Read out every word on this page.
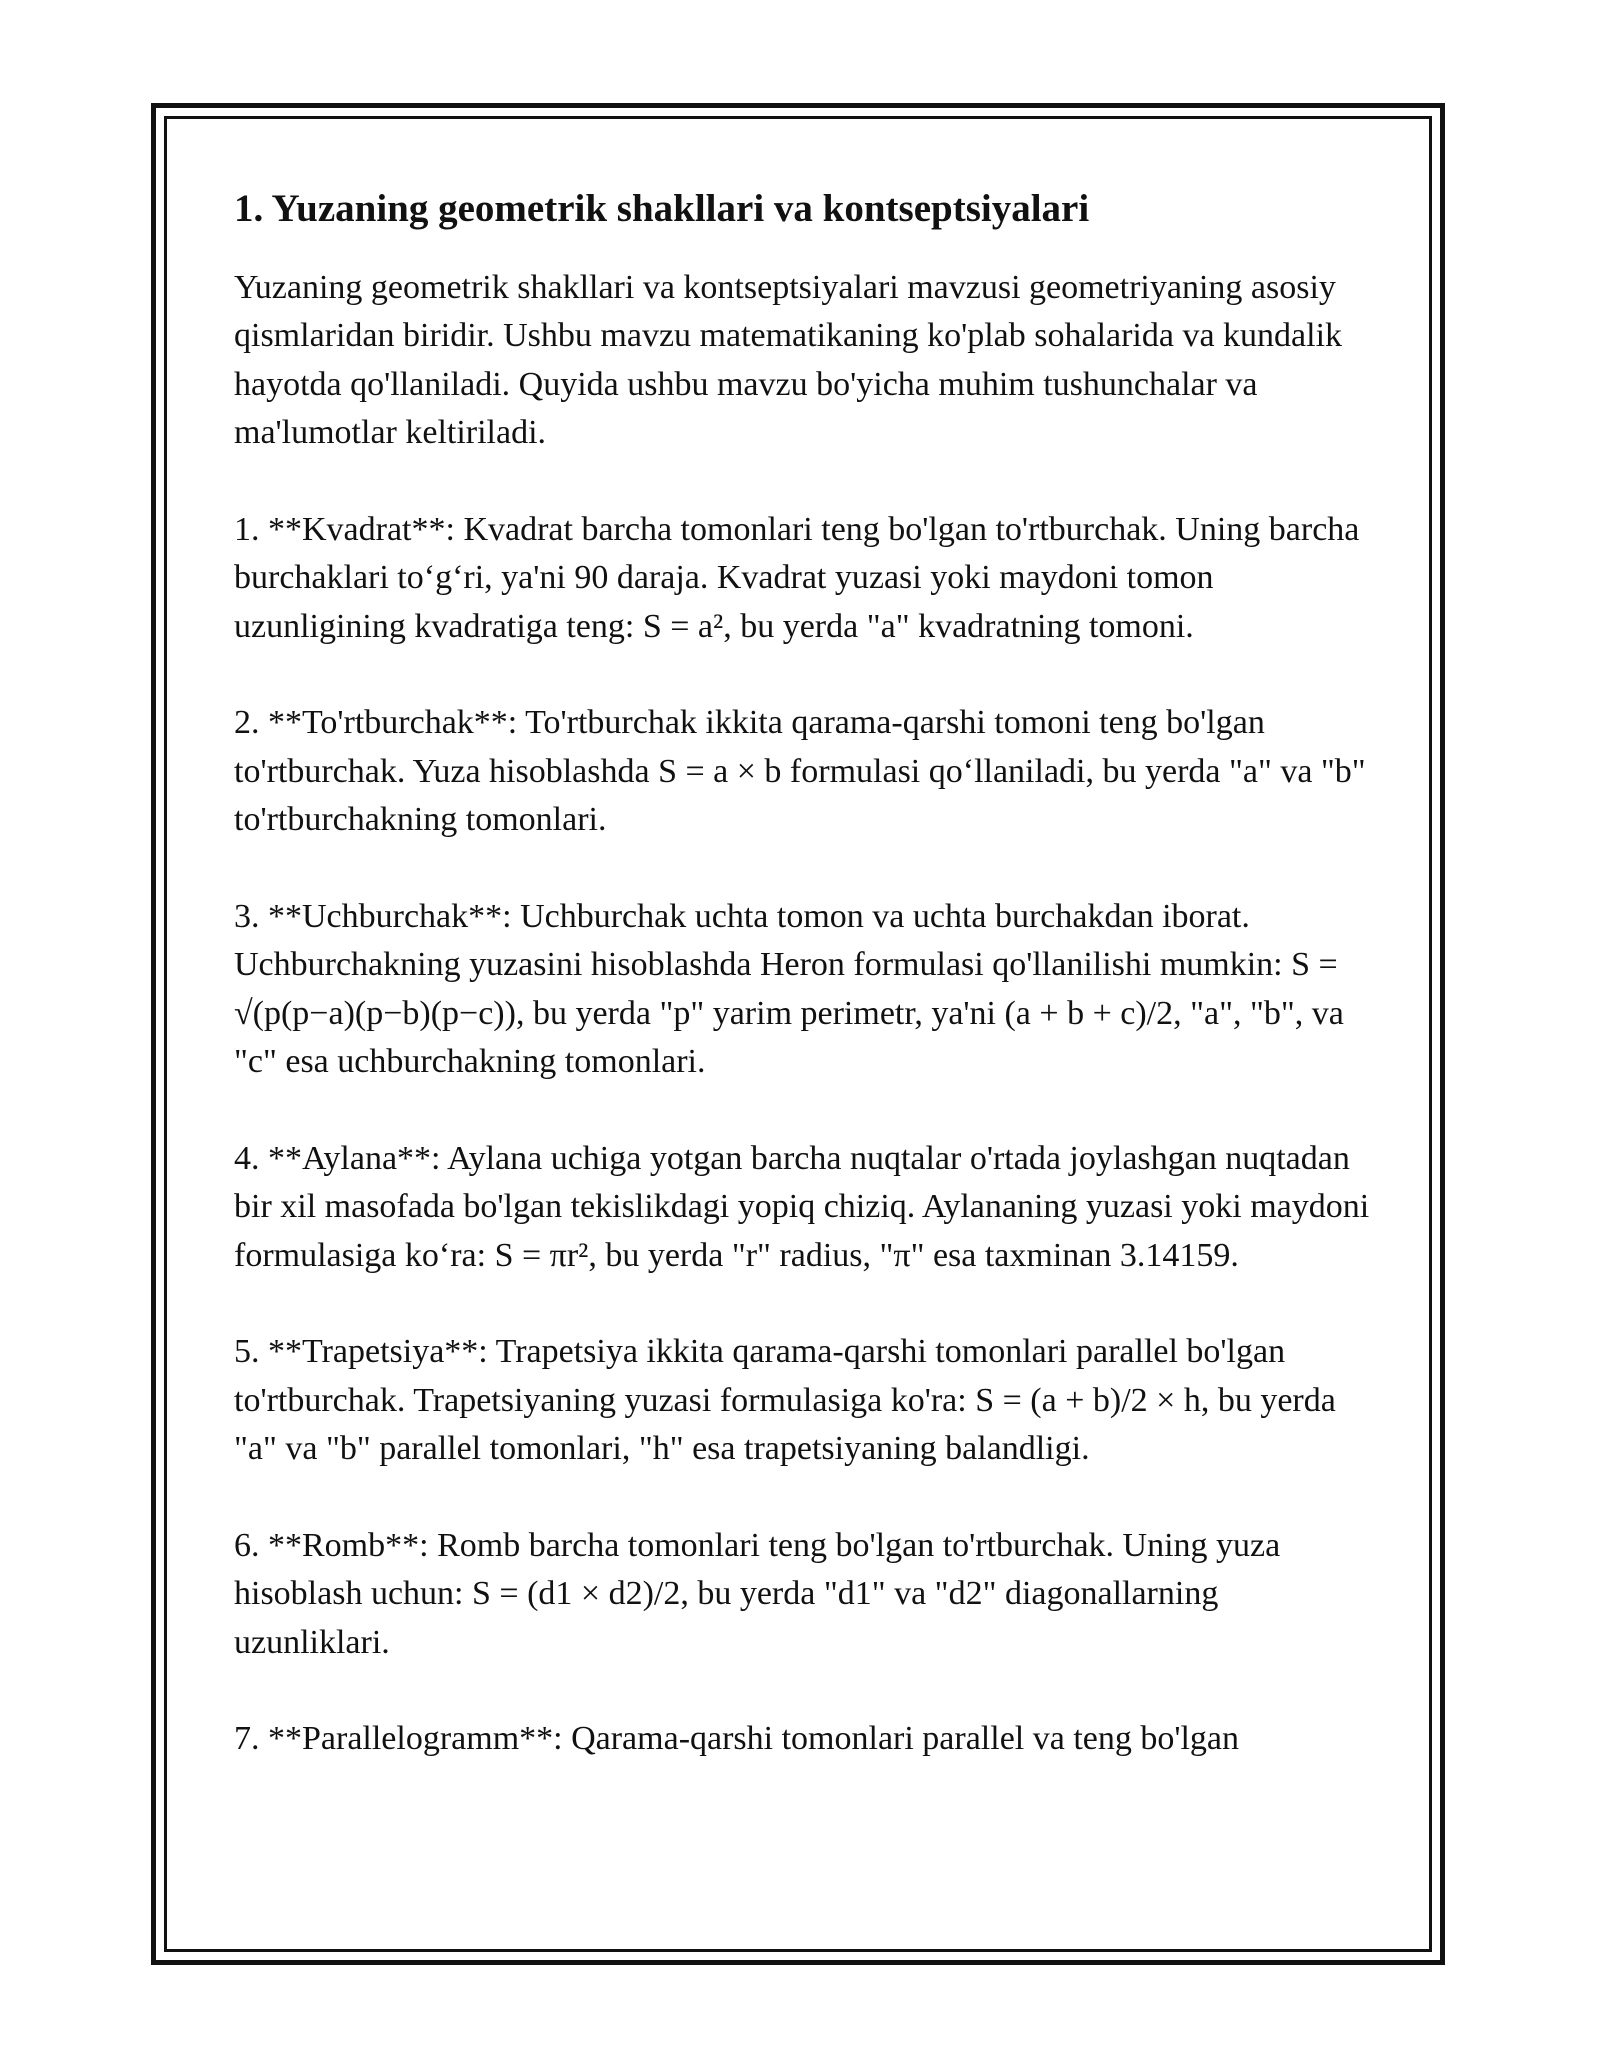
1. Yuzaning geometrik shakllari va kontseptsiyalari

Yuzaning geometrik shakllari va kontseptsiyalari mavzusi geometriyaning asosiy qismlaridan biridir. Ushbu mavzu matematikaning ko'plab sohalarida va kundalik hayotda qo'llaniladi. Quyida ushbu mavzu bo'yicha muhim tushunchalar va ma'lumotlar keltiriladi.

1. **Kvadrat**: Kvadrat barcha tomonlari teng bo'lgan to'rtburchak. Uning barcha burchaklari to‘g‘ri, ya'ni 90 daraja. Kvadrat yuzasi yoki maydoni tomon uzunligining kvadratiga teng: S = a², bu yerda "a" kvadratning tomoni.

2. **To'rtburchak**: To'rtburchak ikkita qarama-qarshi tomoni teng bo'lgan to'rtburchak. Yuza hisoblashda S = a × b formulasi qo‘llaniladi, bu yerda "a" va "b" to'rtburchakning tomonlari.

3. **Uchburchak**: Uchburchak uchta tomon va uchta burchakdan iborat. Uchburchakning yuzasini hisoblashda Heron formulasi qo'llanilishi mumkin: S = √(p(p−a)(p−b)(p−c)), bu yerda "p" yarim perimetr, ya'ni (a + b + c)/2, "a", "b", va "c" esa uchburchakning tomonlari.

4. **Aylana**: Aylana uchiga yotgan barcha nuqtalar o'rtada joylashgan nuqtadan bir xil masofada bo'lgan tekislikdagi yopiq chiziq. Aylananing yuzasi yoki maydoni formulasiga ko‘ra: S = πr², bu yerda "r" radius, "π" esa taxminan 3.14159.

5. **Trapetsiya**: Trapetsiya ikkita qarama-qarshi tomonlari parallel bo'lgan to'rtburchak. Trapetsiyaning yuzasi formulasiga ko'ra: S = (a + b)/2 × h, bu yerda "a" va "b" parallel tomonlari, "h" esa trapetsiyaning balandligi.

6. **Romb**: Romb barcha tomonlari teng bo'lgan to'rtburchak. Uning yuza hisoblash uchun: S = (d1 × d2)/2, bu yerda "d1" va "d2" diagonallarning uzunliklari.

7. **Parallelogramm**: Qarama-qarshi tomonlari parallel va teng bo'lgan
